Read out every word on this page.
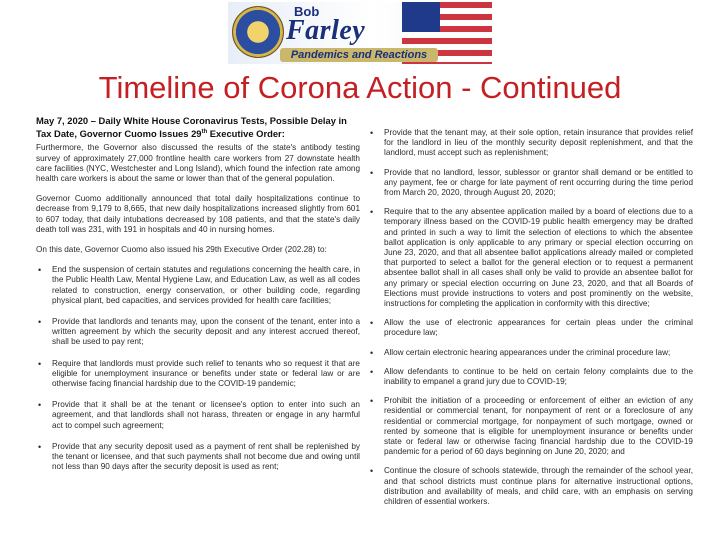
Bob
Farley
Pandemics and Reactions
Timeline of Corona Action - Continued
May 7, 2020 – Daily White House Coronavirus Tests, Possible Delay in Tax Date, Governor Cuomo Issues 29th Executive Order:

Furthermore, the Governor also discussed the results of the state's antibody testing survey of approximately 27,000 frontline health care workers from 27 downstate health care facilities (NYC, Westchester and Long Island), which found the infection rate among health care workers is about the same or lower than that of the general population.

Governor Cuomo additionally announced that total daily hospitalizations continue to decrease from 9,179 to 8,665, that new daily hospitalizations increased slightly from 601 to 607 today, that daily intubations decreased by 108 patients, and that the state's daily death toll was 231, with 191 in hospitals and 40 in nursing homes.

On this date, Governor Cuomo also issued his 29th Executive Order (202.28) to:

• End the suspension of certain statutes and regulations concerning the health care, in the Public Health Law, Mental Hygiene Law, and Education Law, as well as all codes related to construction, energy conservation, or other building code, regarding physical plant, bed capacities, and services provided for health care facilities;
• Provide that landlords and tenants may, upon the consent of the tenant, enter into a written agreement by which the security deposit and any interest accrued thereof, shall be used to pay rent;
• Require that landlords must provide such relief to tenants who so request it that are eligible for unemployment insurance or benefits under state or federal law or are otherwise facing financial hardship due to the COVID-19 pandemic;
• Provide that it shall be at the tenant or licensee's option to enter into such an agreement, and that landlords shall not harass, threaten or engage in any harmful act to compel such agreement;
• Provide that any security deposit used as a payment of rent shall be replenished by the tenant or licensee, and that such payments shall not become due and owing until not less than 90 days after the security deposit is used as rent;
• Provide that the tenant may, at their sole option, retain insurance that provides relief for the landlord in lieu of the monthly security deposit replenishment, and that the landlord, must accept such as replenishment;
• Provide that no landlord, lessor, sublessor or grantor shall demand or be entitled to any payment, fee or charge for late payment of rent occurring during the time period from March 20, 2020, through August 20, 2020;
• Require that to the any absentee application mailed by a board of elections due to a temporary illness based on the COVID-19 public health emergency may be drafted and printed in such a way to limit the selection of elections to which the absentee ballot application is only applicable to any primary or special election occurring on June 23, 2020, and that all absentee ballot applications already mailed or completed that purported to select a ballot for the general election or to request a permanent absentee ballot shall in all cases shall only be valid to provide an absentee ballot for any primary or special election occurring on June 23, 2020, and that all Boards of Elections must provide instructions to voters and post prominently on the website, instructions for completing the application in conformity with this directive;
• Allow the use of electronic appearances for certain pleas under the criminal procedure law;
• Allow certain electronic hearing appearances under the criminal procedure law;
• Allow defendants to continue to be held on certain felony complaints due to the inability to empanel a grand jury due to COVID-19;
• Prohibit the initiation of a proceeding or enforcement of either an eviction of any residential or commercial tenant, for nonpayment of rent or a foreclosure of any residential or commercial mortgage, for nonpayment of such mortgage, owned or rented by someone that is eligible for unemployment insurance or benefits under state or federal law or otherwise facing financial hardship due to the COVID-19 pandemic for a period of 60 days beginning on June 20, 2020; and
• Continue the closure of schools statewide, through the remainder of the school year, and that school districts must continue plans for alternative instructional options, distribution and availability of meals, and child care, with an emphasis on serving children of essential workers.
